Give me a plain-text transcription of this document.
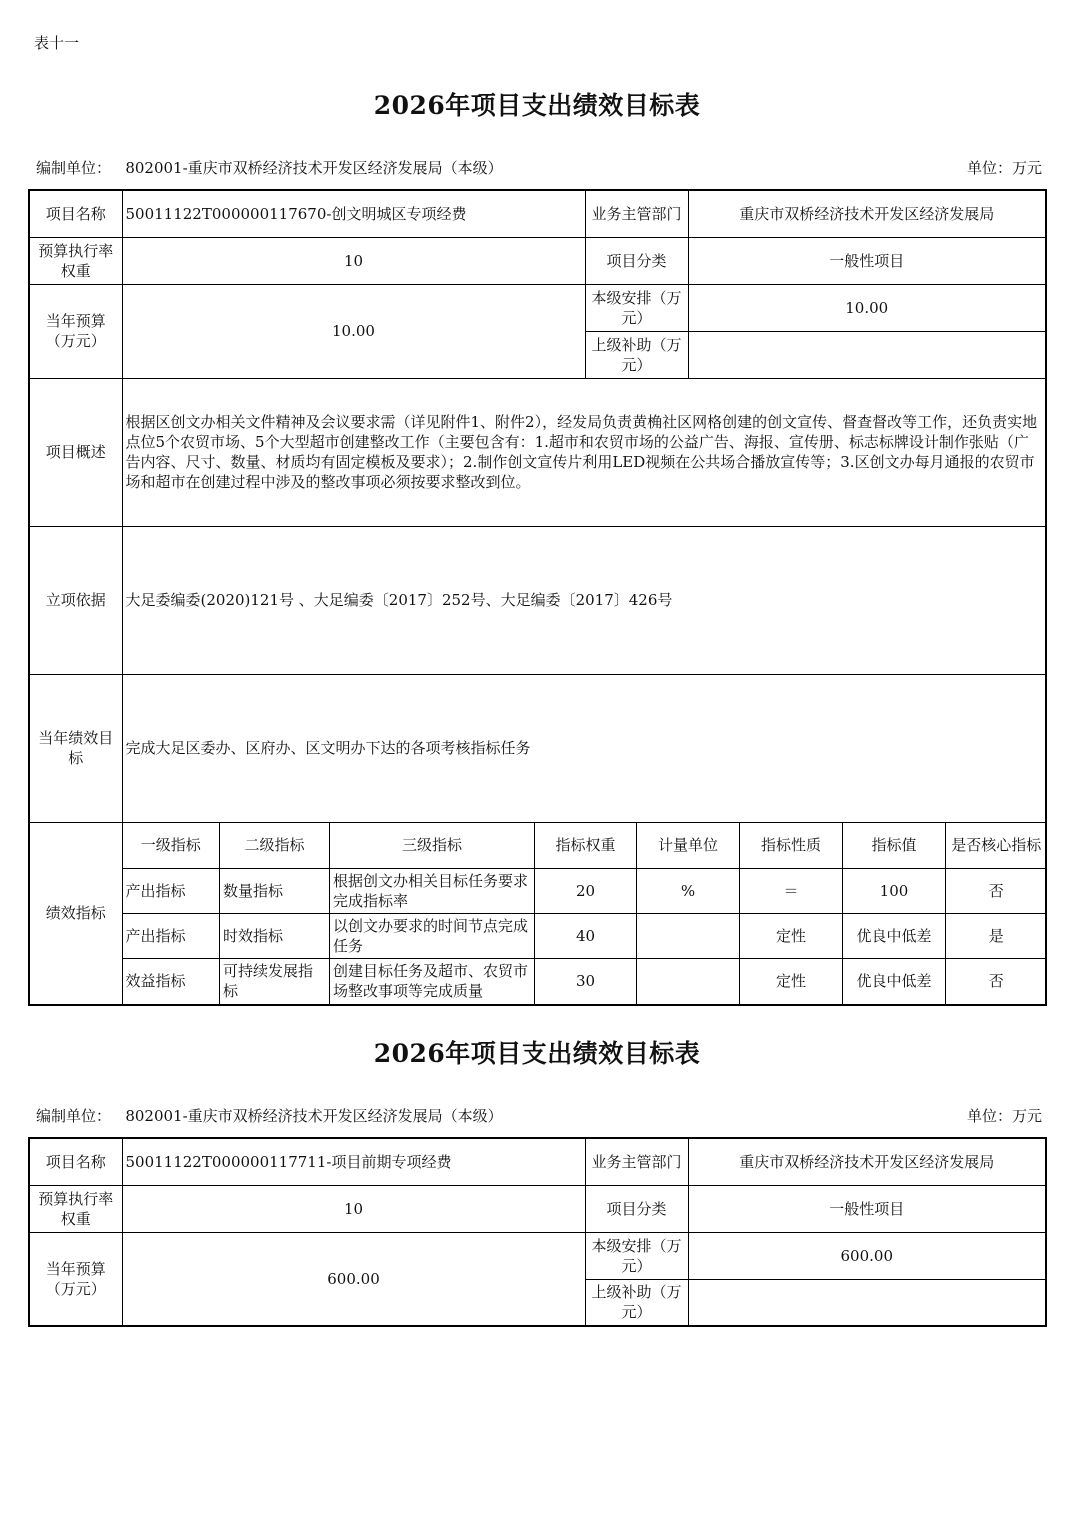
表十一
2026年项目支出绩效目标表
编制单位： 802001-重庆市双桥经济技术开发区经济发展局（本级）	单位：万元
项目名称	50011122T000000117670-创文明城区专项经费	业务主管部门	重庆市双桥经济技术开发区经济发展局
预算执行率权重	10	项目分类	一般性项目
当年预算（万元）	10.00	本级安排（万元）	10.00
上级补助（万元）	
项目概述	根据区创文办相关文件精神及会议要求需（详见附件1、附件2），经发局负责黄桷社区网格创建的创文宣传、督查督改等工作，还负责实地点位5个农贸市场、5个大型超市创建整改工作（主要包含有：1.超市和农贸市场的公益广告、海报、宣传册、标志标牌设计制作张贴（广告内容、尺寸、数量、材质均有固定模板及要求）；2.制作创文宣传片利用LED视频在公共场合播放宣传等；3.区创文办每月通报的农贸市场和超市在创建过程中涉及的整改事项必须按要求整改到位。
立项依据	大足委编委(2020)121号 、大足编委〔2017〕252号、大足编委〔2017〕426号
当年绩效目标	完成大足区委办、区府办、区文明办下达的各项考核指标任务
绩效指标	
一级指标	二级指标	三级指标	指标权重	计量单位	指标性质	指标值	是否核心指标
产出指标	数量指标	根据创文办相关目标任务要求完成指标率	20	%	＝	100	否
产出指标	时效指标	以创文办要求的时间节点完成任务	40		定性	优良中低差	是
效益指标	可持续发展指标	创建目标任务及超市、农贸市场整改事项等完成质量	30		定性	优良中低差	否
2026年项目支出绩效目标表
编制单位： 802001-重庆市双桥经济技术开发区经济发展局（本级）	单位：万元
项目名称	50011122T000000117711-项目前期专项经费	业务主管部门	重庆市双桥经济技术开发区经济发展局
预算执行率权重	10	项目分类	一般性项目
当年预算（万元）	600.00	本级安排（万元）	600.00
		上级补助（万元）	
